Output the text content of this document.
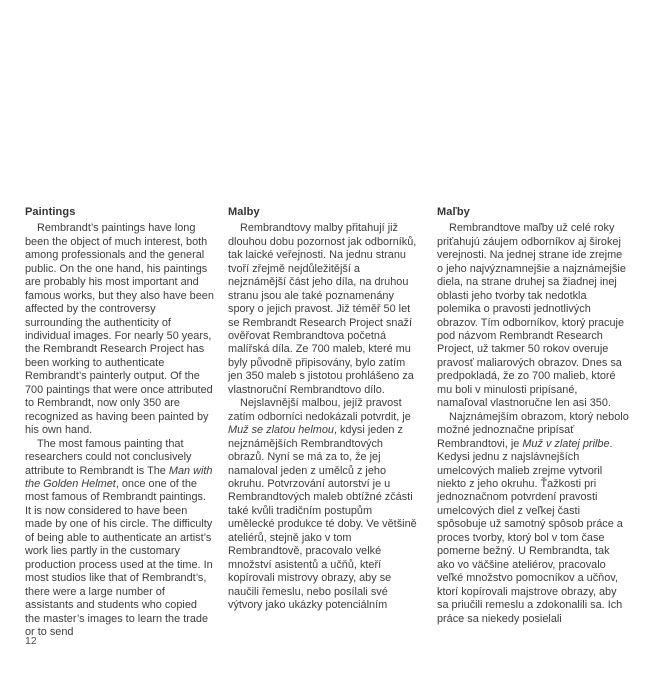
Paintings

Rembrandt’s paintings have long been the object of much interest, both among professionals and the general public. On the one hand, his paintings are probably his most important and famous works, but they also have been affected by the controversy surrounding the authenticity of individual images. For nearly 50 years, the Rembrandt Research Project has been working to authenticate Rembrandt’s painterly output. Of the 700 paintings that were once attributed to Rembrandt, now only 350 are recognized as having been painted by his own hand.

The most famous painting that researchers could not conclusively attribute to Rembrandt is The Man with the Golden Helmet, once one of the most famous of Rembrandt paintings. It is now considered to have been made by one of his circle. The difficulty of being able to authenticate an artist’s work lies partly in the customary production process used at the time. In most studios like that of Rembrandt’s, there were a large number of assistants and students who copied the master’s images to learn the trade or to send

Malby

Rembrandtovy malby přitahují již dlouhou dobu pozornost jak odborníků, tak laické veřejnosti. Na jednu stranu tvoří zřejmě nejdůležitější a nejznámější část jeho díla, na druhou stranu jsou ale také poznamenány spory o jejich pravost. Již téměř 50 let se Rembrandt Research Project snaží ověřovat Rembrandtova početná malířská díla. Ze 700 maleb, které mu byly původně připisovány, bylo zatím jen 350 maleb s jistotou prohlášeno za vlastnoruční Rembrandtovo dílo.

Nejslavnější malbou, jejíž pravost zatím odborníci nedokázali potvrdit, je Muž se zlatou helmou, kdysi jeden z nejznámějších Rembrandtových obrazů. Nyní se má za to, že jej namaloval jeden z umělců z jeho okruhu. Potvrzování autorství je u Rembrandtových maleb obtížné zčásti také kvůli tradičním postupům umělecké produkce té doby. Ve většině ateliérů, stejně jako v tom Rembrandtově, pracovalo velké množství asistentů a učňů, kteří kopírovali mistrovy obrazy, aby se naučili řemeslu, nebo posílali své výtvory jako ukázky potenciálním

Maľby

Rembrandtove maľby už celé roky priťahujú záujem odborníkov aj širokej verejnosti. Na jednej strane ide zrejme o jeho najvýznamnejšie a najznámejšie diela, na strane druhej sa žiadnej inej oblasti jeho tvorby tak nedotkla polemika o pravosti jednotlivých obrazov. Tím odborníkov, ktorý pracuje pod názvom Rembrandt Research Project, už takmer 50 rokov overuje pravosť maliarových obrazov. Dnes sa predpokladá, že zo 700 malieb, ktoré mu boli v minulosti pripísané, namaľoval vlastnoručne len asi 350.

Najznámejším obrazom, ktorý nebolo možné jednoznačne pripísať Rembrandtovi, je Muž v zlatej prilbe. Kedysi jednu z najslávnejších umelcových malieb zrejme vytvoril niekto z jeho okruhu. Ťažkosti pri jednoznačnom potvrdení pravosti umelcových diel z veľkej časti spôsobuje už samotný spôsob práce a proces tvorby, ktorý bol v tom čase pomerne bežný. U Rembrandta, tak ako vo väčšine ateliérov, pracovalo veľké množstvo pomocníkov a učňov, ktorí kopírovali majstrove obrazy, aby sa priučili remeslu a zdokonalili sa. Ich práce sa niekedy posielali

12
